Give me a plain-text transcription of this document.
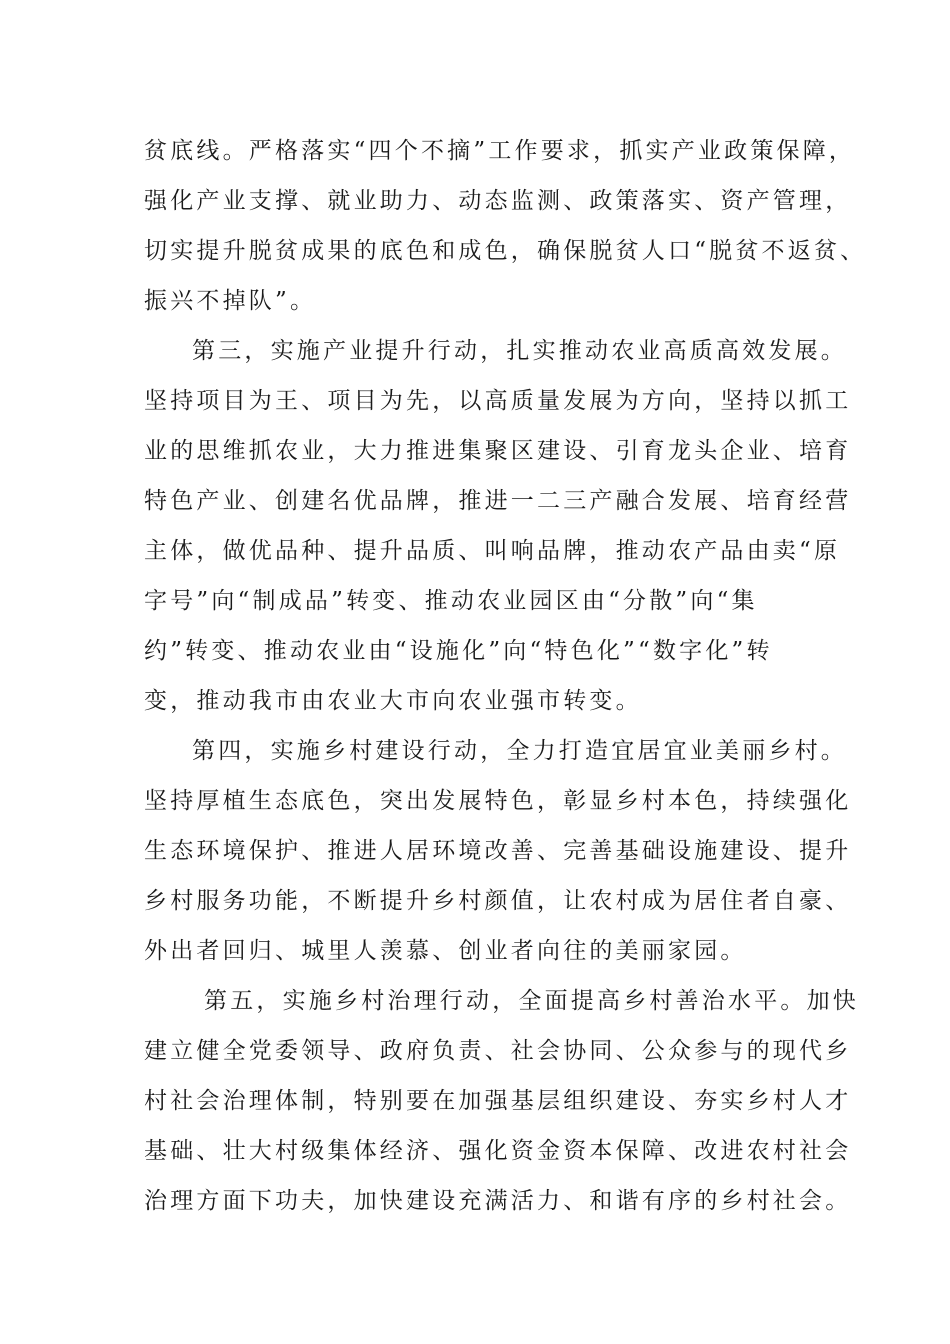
贫底线。严格落实“四个不摘”工作要求，抓实产业政策保障，
强化产业支撑、就业助力、动态监测、政策落实、资产管理，
切实提升脱贫成果的底色和成色，确保脱贫人口“脱贫不返贫、
振兴不掉队”。
第三，实施产业提升行动，扎实推动农业高质高效发展。
坚持项目为王、项目为先，以高质量发展为方向，坚持以抓工
业的思维抓农业，大力推进集聚区建设、引育龙头企业、培育
特色产业、创建名优品牌，推进一二三产融合发展、培育经营
主体，做优品种、提升品质、叫响品牌，推动农产品由卖“原
字号”向“制成品”转变、推动农业园区由“分散”向“集
约”转变、推动农业由“设施化”向“特色化”“数字化”转
变，推动我市由农业大市向农业强市转变。
第四，实施乡村建设行动，全力打造宜居宜业美丽乡村。
坚持厚植生态底色，突出发展特色，彰显乡村本色，持续强化
生态环境保护、推进人居环境改善、完善基础设施建设、提升
乡村服务功能，不断提升乡村颜值，让农村成为居住者自豪、
外出者回归、城里人羡慕、创业者向往的美丽家园。
第五，实施乡村治理行动，全面提高乡村善治水平。加快
建立健全党委领导、政府负责、社会协同、公众参与的现代乡
村社会治理体制，特别要在加强基层组织建设、夯实乡村人才
基础、壮大村级集体经济、强化资金资本保障、改进农村社会
治理方面下功夫，加快建设充满活力、和谐有序的乡村社会。
